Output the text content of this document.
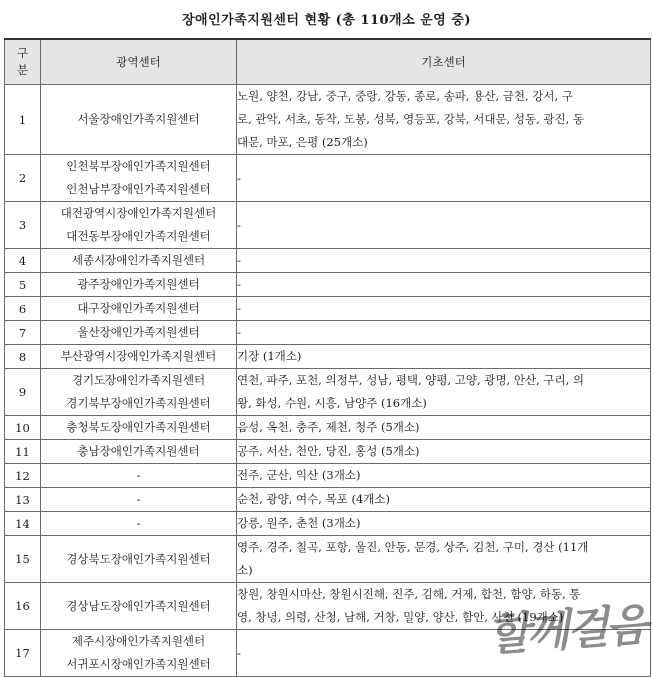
장애인가족지원센터 현황 (총 110개소 운영 중)
구
분	광역센터	기초센터
1	서울장애인가족지원센터	노원, 양천, 강남, 중구, 중랑, 강동, 종로, 송파, 용산, 금천, 강서, 구
로, 관악, 서초, 동작, 도봉, 성북, 영등포, 강북, 서대문, 성동, 광진, 동
대문, 마포, 은평 (25개소)

2	인천북부장애인가족지원센터
인천남부장애인가족지원센터	-

3	대전광역시장애인가족지원센터
대전동부장애인가족지원센터	-

4	세종시장애인가족지원센터	-

5	광주장애인가족지원센터	-

6	대구장애인가족지원센터	-

7	울산장애인가족지원센터	-

8	부산광역시장애인가족지원센터	기장 (1개소)

9	경기도장애인가족지원센터
경기북부장애인가족지원센터	연천, 파주, 포천, 의정부, 성남, 평택, 양평, 고양, 광명, 안산, 구리, 의
왕, 화성, 수원, 시흥, 남양주 (16개소)

10	충청북도장애인가족지원센터	음성, 옥천, 충주, 제천, 청주 (5개소)

11	충남장애인가족지원센터	공주, 서산, 천안, 당진, 홍성 (5개소)

12	-	전주, 군산, 익산 (3개소)

13	-	순천, 광양, 여수, 목포 (4개소)

14	-	강릉, 원주, 춘천 (3개소)

15	경상북도장애인가족지원센터	영주, 경주, 칠곡, 포항, 울진, 안동, 문경, 상주, 김천, 구미, 경산 (11개
소)

16	경상남도장애인가족지원센터	창원, 창원시마산, 창원시진해, 진주, 김해, 거제, 합천, 함양, 하동, 통
영, 창녕, 의령, 산청, 남해, 거창, 밀양, 양산, 함안, 사천 (19개소)

17	제주시장애인가족지원센터
서귀포시장애인가족지원센터	-	할께걸음
